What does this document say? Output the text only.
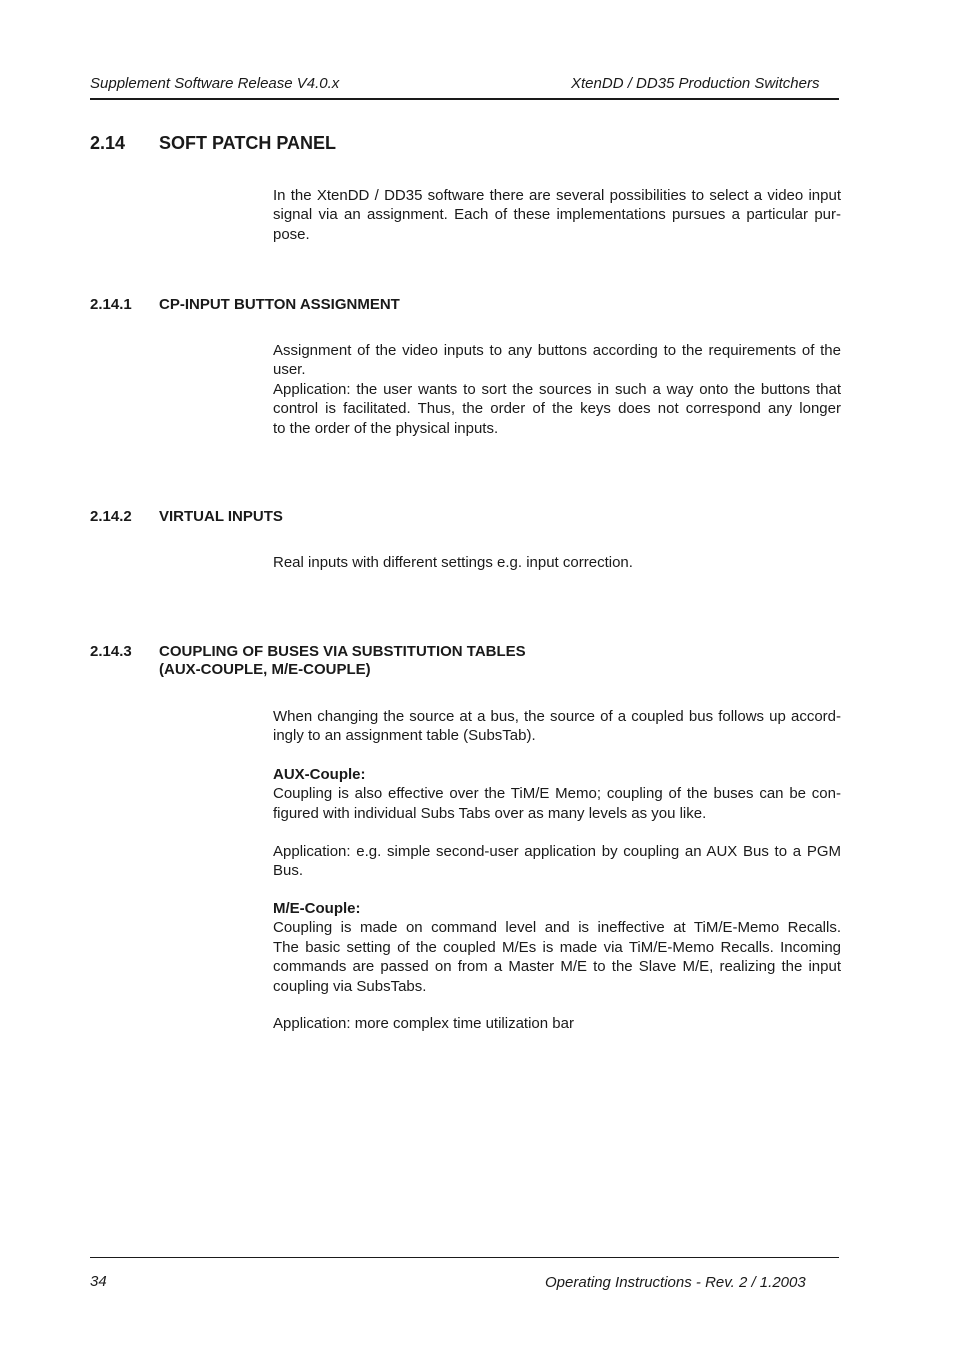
Supplement Software Release V4.0.x	XtenDD / DD35 Production Switchers
2.14 SOFT PATCH PANEL
In the XtenDD / DD35 software there are several possibilities to select a video input
signal via an assignment. Each of these implementations pursues a particular pur-
pose.
2.14.1 CP-INPUT BUTTON ASSIGNMENT
Assignment of the video inputs to any buttons according to the requirements of the
user.
Application: the user wants to sort the sources in such a way onto the buttons that
control is facilitated. Thus, the order of the keys does not correspond any longer
to the order of the physical inputs.
2.14.2 VIRTUAL INPUTS
Real inputs with different settings e.g. input correction.
2.14.3 COUPLING OF BUSES VIA SUBSTITUTION TABLES
(AUX-COUPLE, M/E-COUPLE)
When changing the source at a bus, the source of a coupled bus follows up accord-
ingly to an assignment table (SubsTab).
AUX-Couple:
Coupling is also effective over the TiM/E Memo; coupling of the buses can be con-
figured with individual Subs Tabs over as many levels as you like.
Application: e.g. simple second-user application by coupling an AUX Bus to a PGM
Bus.
M/E-Couple:
Coupling is made on command level and is ineffective at TiM/E-Memo Recalls.
The basic setting of the coupled M/Es is made via TiM/E-Memo Recalls. Incoming
commands are passed on from a Master M/E to the Slave M/E, realizing the input
coupling via SubsTabs.
Application: more complex time utilization bar
34	Operating Instructions - Rev. 2 / 1.2003
